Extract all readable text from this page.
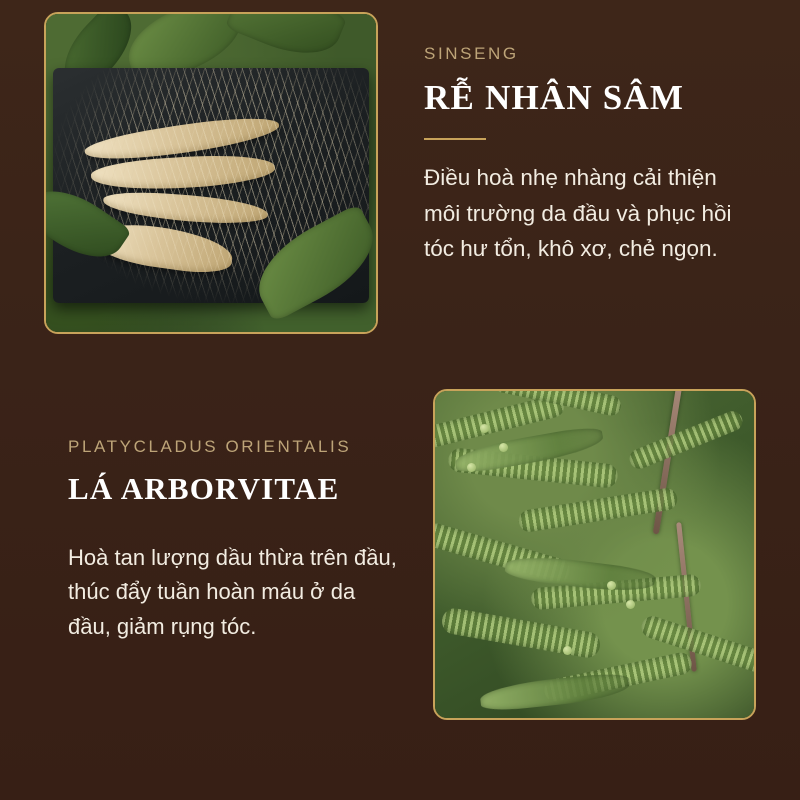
SINSENG

RỄ NHÂN SÂM

Điều hoà nhẹ nhàng cải thiện môi trường da đầu và phục hồi tóc hư tổn, khô xơ, chẻ ngọn.

PLATYCLADUS ORIENTALIS

LÁ ARBORVITAE

Hoà tan lượng dầu thừa trên đầu, thúc đẩy tuần hoàn máu ở da đầu, giảm rụng tóc.
